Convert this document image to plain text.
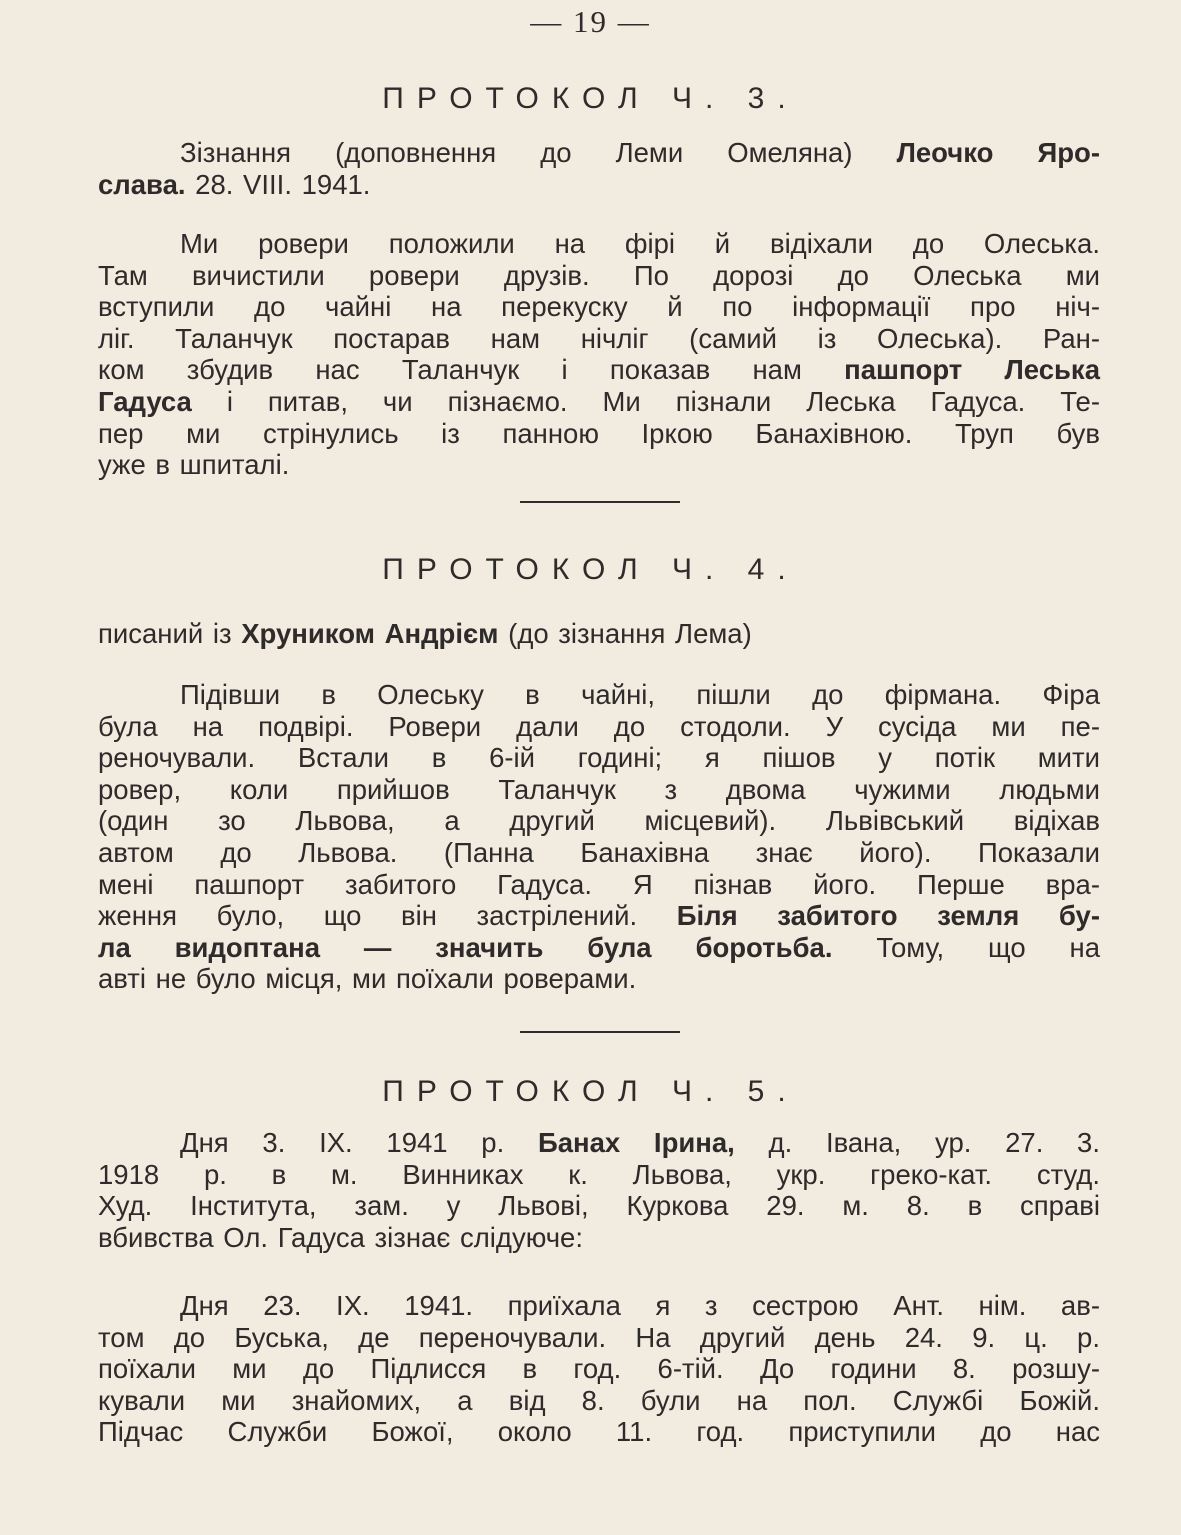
— 19 —
ПРОТОКОЛ Ч. 3.
Зізнання (доповнення до Леми Омеляна) Леочко Яро-
слава. 28. VIII. 1941.
Ми ровери положили на фірі й відіхали до Олеська.
Там вичистили ровери друзів. По дорозі до Олеська ми
вступили до чайні на перекуску й по інформації про ніч-
ліг. Таланчук постарав нам нічліг (самий із Олеська). Ран-
ком збудив нас Таланчук і показав нам пашпорт Леська
Гадуса і питав, чи пізнаємо. Ми пізнали Леська Гадуса. Те-
пер ми стрінулись із панною Іркою Банахівною. Труп був
уже в шпиталі.
ПРОТОКОЛ Ч. 4.
писаний із Хруником Андрієм (до зізнання Лема)
Підівши в Олеську в чайні, пішли до фірмана. Фіра
була на подвірі. Ровери дали до стодоли. У сусіда ми пе-
реночували. Встали в 6-ій годині; я пішов у потік мити
ровер, коли прийшов Таланчук з двома чужими людьми
(один зо Львова, а другий місцевий). Львівський відіхав
автом до Львова. (Панна Банахівна знає його). Показали
мені пашпорт забитого Гадуса. Я пізнав його. Перше вра-
ження було, що він застрілений. Біля забитого земля бу-
ла видоптана — значить була боротьба. Тому, що на
авті не було місця, ми поїхали роверами.
ПРОТОКОЛ Ч. 5.
Дня 3. IX. 1941 р. Банах Ірина, д. Івана, ур. 27. 3.
1918 р. в м. Винниках к. Львова, укр. греко-кат. студ.
Худ. Інститута, зам. у Львові, Куркова 29. м. 8. в справі
вбивства Ол. Гадуса зізнає слідуюче:
Дня 23. IX. 1941. приїхала я з сестрою Ант. нім. ав-
том до Буська, де переночували. На другий день 24. 9. ц. р.
поїхали ми до Підлисся в год. 6-тій. До години 8. розшу-
кували ми знайомих, а від 8. були на пол. Службі Божій.
Підчас Служби Божої, около 11. год. приступили до нас
